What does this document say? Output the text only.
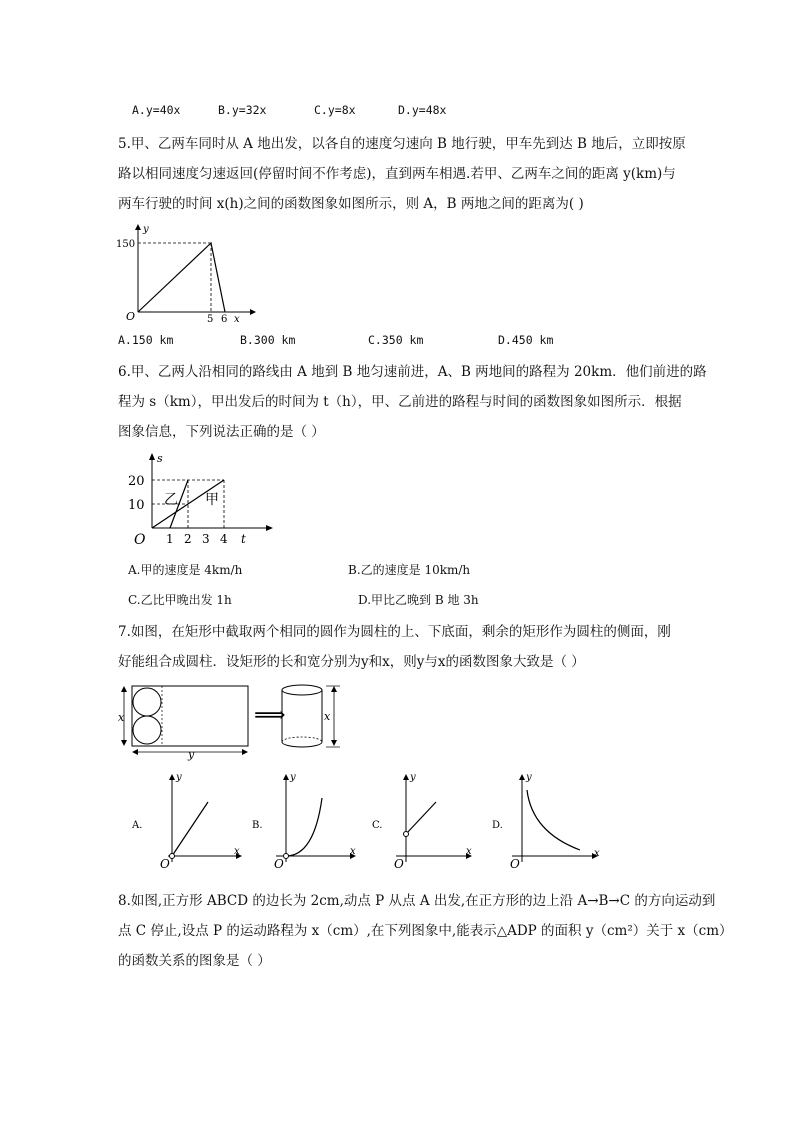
A.y=40x	B.y=32x	C.y=8x	D.y=48x
5.甲、乙两车同时从 A 地出发，以各自的速度匀速向 B 地行驶，甲车先到达 B 地后，立即按原
路以相同速度匀速返回(停留时间不作考虑)，直到两车相遇.若甲、乙两车之间的距离 y(km)与
两车行驶的时间 x(h)之间的函数图象如图所示，则 A，B 两地之间的距离为( )
150
y
O	5 6 x
A.150 km	B.300 km	C.350 km	D.450 km
6.甲、乙两人沿相同的路线由 A 地到 B 地匀速前进，A、B 两地间的路程为 20km．他们前进的路
程为 s（km），甲出发后的时间为 t（h），甲、乙前进的路程与时间的函数图象如图所示．根据
图象信息，下列说法正确的是（ ）
20
10
s
O 1 2 3 4 t
乙 甲
A.甲的速度是 4km/h	B.乙的速度是 10km/h
C.乙比甲晚出发 1h	D.甲比乙晚到 B 地 3h
7.如图，在矩形中截取两个相同的圆作为圆柱的上、下底面，剩余的矩形作为圆柱的侧面，刚
好能组合成圆柱．设矩形的长和宽分别为y和x，则y与x的函数图象大致是（ ）
x
y
⟹	x
A.
O
x
y
B.
O
x
y
C.
O
x
y
D.
O
x
y
8.如图,正方形 ABCD 的边长为 2cm,动点 P 从点 A 出发,在正方形的边上沿 A→B→C 的方向运动到
点 C 停止,设点 P 的运动路程为 x（cm）,在下列图象中,能表示△ADP 的面积 y（cm²）关于 x（cm）
的函数关系的图象是（ ）
